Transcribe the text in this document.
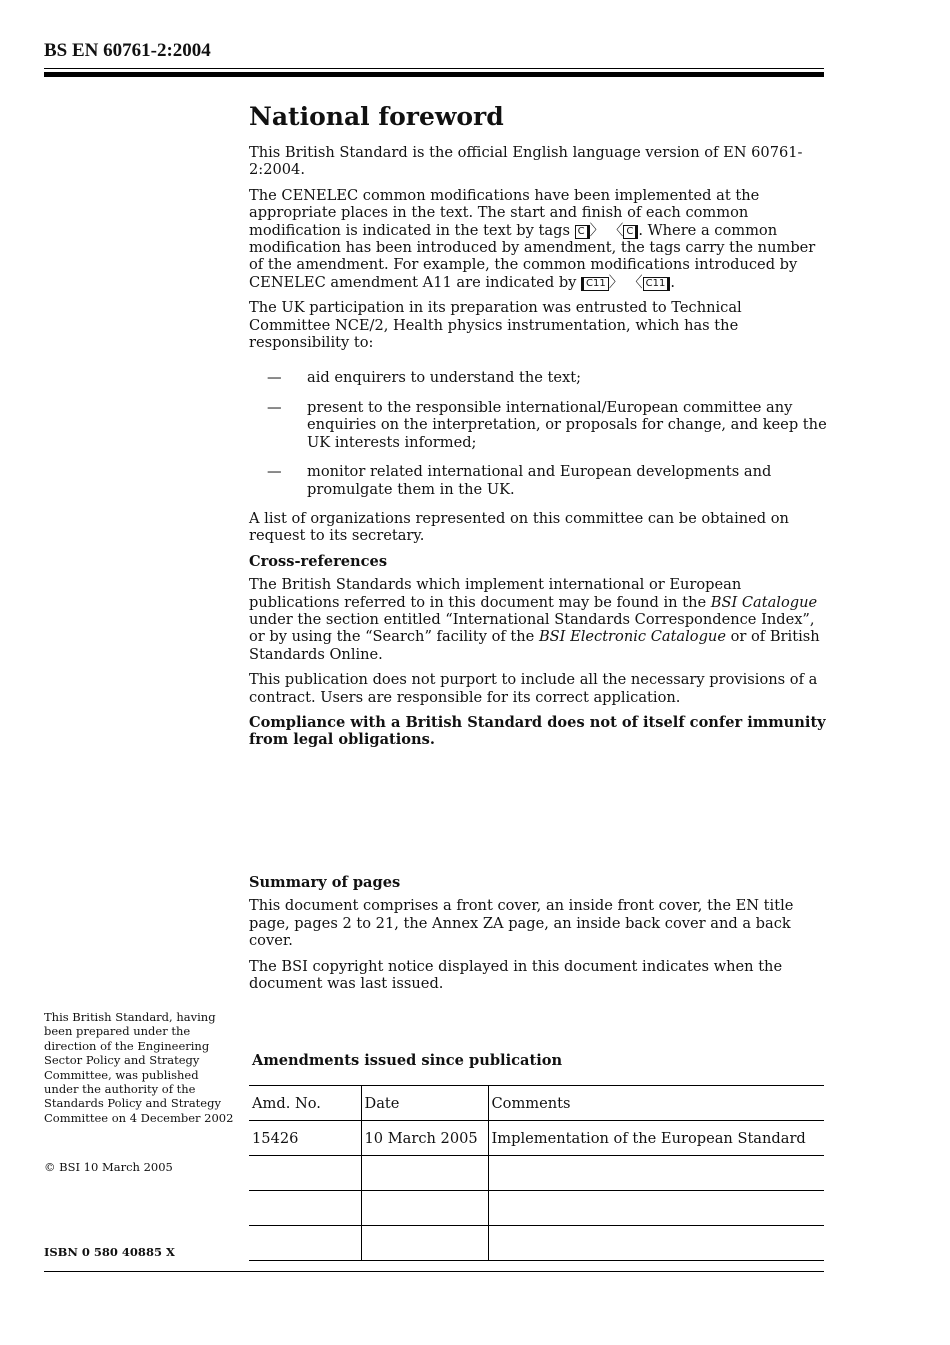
BS EN 60761-2:2004
National foreword

This British Standard is the official English language version of EN 60761-2:2004.

The CENELEC common modifications have been implemented at the appropriate places in the text. The start and finish of each common modification is indicated in the text by tags C 〉 〈 C . Where a common modification has been introduced by amendment, the tags carry the number of the amendment. For example, the common modifications introduced by CENELEC amendment A11 are indicated by C11 〉 〈 C11 .

The UK participation in its preparation was entrusted to Technical Committee NCE/2, Health physics instrumentation, which has the responsibility to:

— aid enquirers to understand the text;
— present to the responsible international/European committee any enquiries on the interpretation, or proposals for change, and keep the UK interests informed;
— monitor related international and European developments and promulgate them in the UK.

A list of organizations represented on this committee can be obtained on request to its secretary.

Cross-references

The British Standards which implement international or European publications referred to in this document may be found in the BSI Catalogue under the section entitled “International Standards Correspondence Index”, or by using the “Search” facility of the BSI Electronic Catalogue or of British Standards Online.

This publication does not purport to include all the necessary provisions of a contract. Users are responsible for its correct application.

Compliance with a British Standard does not of itself confer immunity from legal obligations.

Summary of pages

This document comprises a front cover, an inside front cover, the EN title page, pages 2 to 21, the Annex ZA page, an inside back cover and a back cover.

The BSI copyright notice displayed in this document indicates when the document was last issued.

This British Standard, having been prepared under the direction of the Engineering Sector Policy and Strategy Committee, was published under the authority of the Standards Policy and Strategy Committee on 4 December 2002
© BSI 10 March 2005
ISBN 0 580 40885 X
Amendments issued since publication
Amd. No.	Date	Comments
15426	10 March 2005	Implementation of the European Standard
